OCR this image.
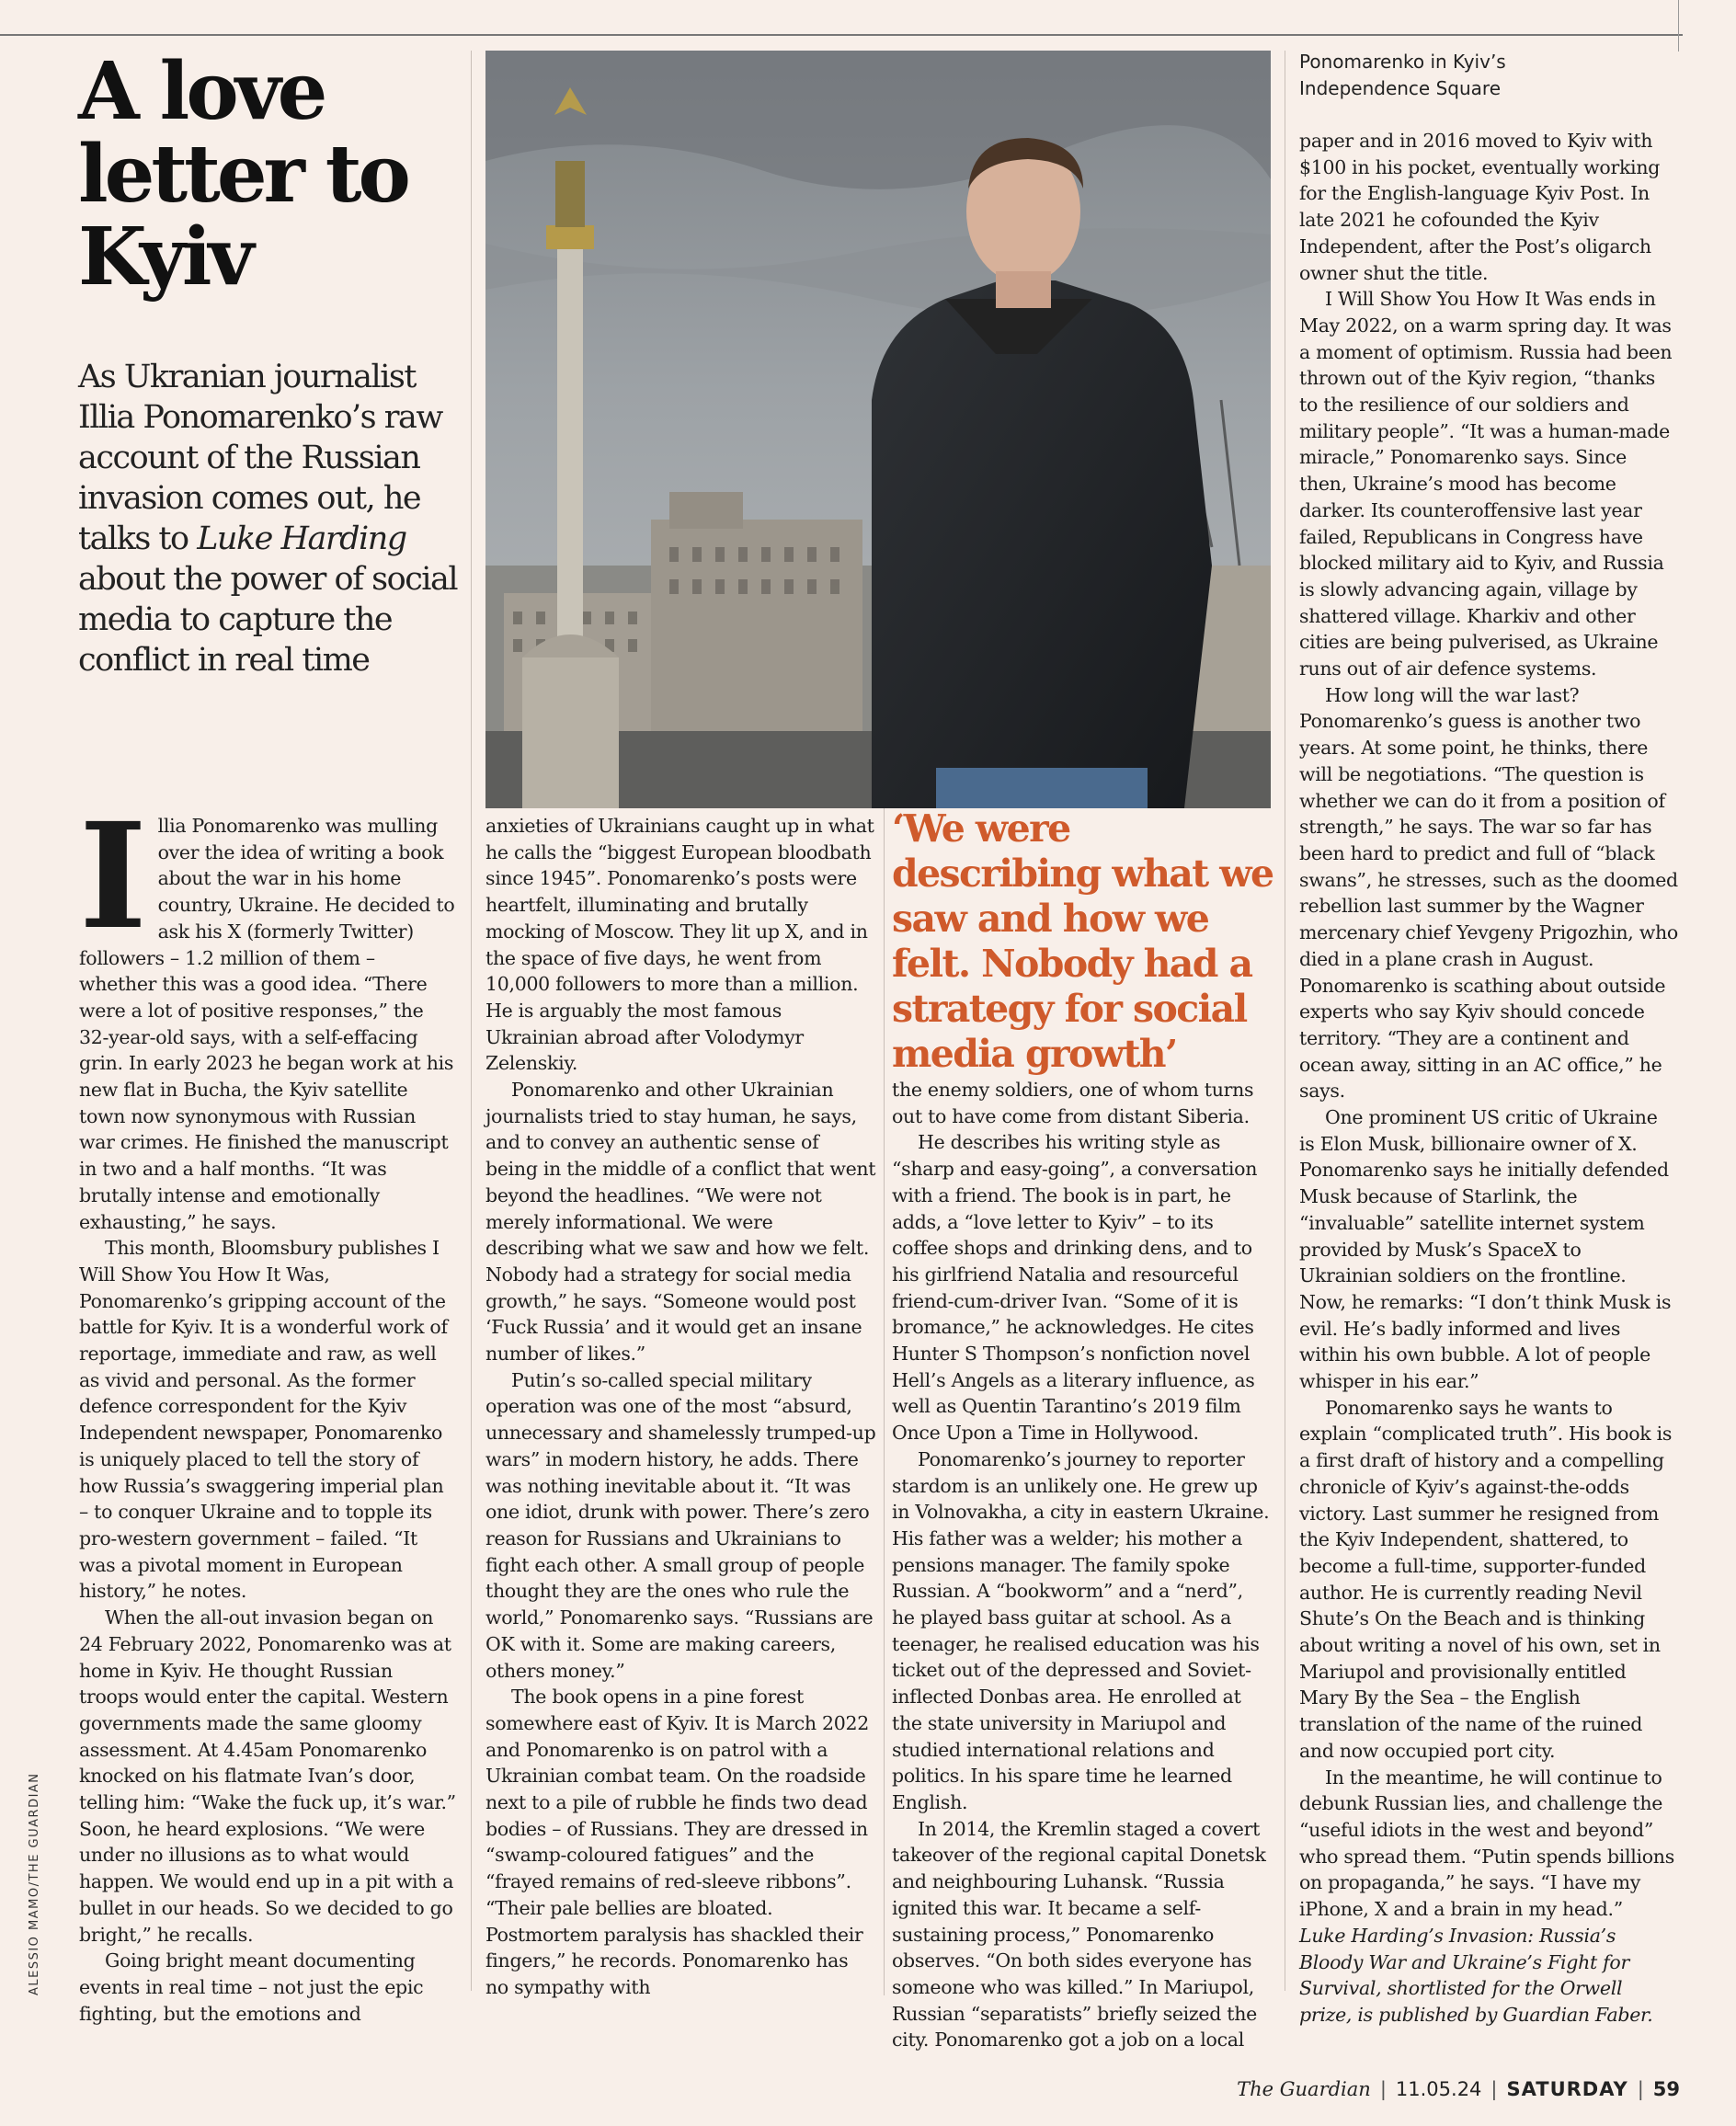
A love letter to Kyiv
As Ukranian journalist Illia Ponomarenko’s raw account of the Russian invasion comes out, he talks to Luke Harding about the power of social media to capture the conflict in real time
Ponomarenko in Kyiv’s Independence Square
ALESSIO MAMO/THE GUARDIAN

Illia Ponomarenko was mulling over the idea of writing a book about the war in his home country, Ukraine. He decided to ask his X (formerly Twitter) followers – 1.2 million of them – whether this was a good idea. “There were a lot of positive responses,” the 32-year-old says, with a self-effacing grin. In early 2023 he began work at his new flat in Bucha, the Kyiv satellite town now synonymous with Russian war crimes. He finished the manuscript in two and a half months. “It was brutally intense and emotionally exhausting,” he says.

This month, Bloomsbury publishes I Will Show You How It Was, Ponomarenko’s gripping account of the battle for Kyiv. It is a wonderful work of reportage, immediate and raw, as well as vivid and personal. As the former defence correspondent for the Kyiv Independent newspaper, Ponomarenko is uniquely placed to tell the story of how Russia’s swaggering imperial plan – to conquer Ukraine and to topple its pro-western government – failed. “It was a pivotal moment in European history,” he notes.

When the all-out invasion began on 24 February 2022, Ponomarenko was at home in Kyiv. He thought Russian troops would enter the capital. Western governments made the same gloomy assessment. At 4.45am Ponomarenko knocked on his flatmate Ivan’s door, telling him: “Wake the fuck up, it’s war.” Soon, he heard explosions. “We were under no illusions as to what would happen. We would end up in a pit with a bullet in our heads. So we decided to go bright,” he recalls.

Going bright meant documenting events in real time – not just the epic fighting, but the emotions and

anxieties of Ukrainians caught up in what he calls the “biggest European bloodbath since 1945”. Ponomarenko’s posts were heartfelt, illuminating and brutally mocking of Moscow. They lit up X, and in the space of five days, he went from 10,000 followers to more than a million. He is arguably the most famous Ukrainian abroad after Volodymyr Zelenskiy.

Ponomarenko and other Ukrainian journalists tried to stay human, he says, and to convey an authentic sense of being in the middle of a conflict that went beyond the headlines. “We were not merely informational. We were describing what we saw and how we felt. Nobody had a strategy for social media growth,” he says. “Someone would post ‘Fuck Russia’ and it would get an insane number of likes.”

Putin’s so-called special military operation was one of the most “absurd, unnecessary and shamelessly trumped-up wars” in modern history, he adds. There was nothing inevitable about it. “It was one idiot, drunk with power. There’s zero reason for Russians and Ukrainians to fight each other. A small group of people thought they are the ones who rule the world,” Ponomarenko says. “Russians are OK with it. Some are making careers, others money.”

The book opens in a pine forest somewhere east of Kyiv. It is March 2022 and Ponomarenko is on patrol with a Ukrainian combat team. On the roadside next to a pile of rubble he finds two dead bodies – of Russians. They are dressed in “swamp-coloured fatigues” and the “frayed remains of red-sleeve ribbons”. “Their pale bellies are bloated. Postmortem paralysis has shackled their fingers,” he records. Ponomarenko has no sympathy with

‘We were describing what we saw and how we felt. Nobody had a strategy for social media growth’

the enemy soldiers, one of whom turns out to have come from distant Siberia.

He describes his writing style as “sharp and easy-going”, a conversation with a friend. The book is in part, he adds, a “love letter to Kyiv” – to its coffee shops and drinking dens, and to his girlfriend Natalia and resourceful friend-cum-driver Ivan. “Some of it is bromance,” he acknowledges. He cites Hunter S Thompson’s nonfiction novel Hell’s Angels as a literary influence, as well as Quentin Tarantino’s 2019 film Once Upon a Time in Hollywood.

Ponomarenko’s journey to reporter stardom is an unlikely one. He grew up in Volnovakha, a city in eastern Ukraine. His father was a welder; his mother a pensions manager. The family spoke Russian. A “bookworm” and a “nerd”, he played bass guitar at school. As a teenager, he realised education was his ticket out of the depressed and Soviet-inflected Donbas area. He enrolled at the state university in Mariupol and studied international relations and politics. In his spare time he learned English.

In 2014, the Kremlin staged a covert takeover of the regional capital Donetsk and neighbouring Luhansk. “Russia ignited this war. It became a self-sustaining process,” Ponomarenko observes. “On both sides everyone has someone who was killed.” In Mariupol, Russian “separatists” briefly seized the city. Ponomarenko got a job on a local

paper and in 2016 moved to Kyiv with $100 in his pocket, eventually working for the English-language Kyiv Post. In late 2021 he cofounded the Kyiv Independent, after the Post’s oligarch owner shut the title.

I Will Show You How It Was ends in May 2022, on a warm spring day. It was a moment of optimism. Russia had been thrown out of the Kyiv region, “thanks to the resilience of our soldiers and military people”. “It was a human-made miracle,” Ponomarenko says. Since then, Ukraine’s mood has become darker. Its counteroffensive last year failed, Republicans in Congress have blocked military aid to Kyiv, and Russia is slowly advancing again, village by shattered village. Kharkiv and other cities are being pulverised, as Ukraine runs out of air defence systems.

How long will the war last? Ponomarenko’s guess is another two years. At some point, he thinks, there will be negotiations. “The question is whether we can do it from a position of strength,” he says. The war so far has been hard to predict and full of “black swans”, he stresses, such as the doomed rebellion last summer by the Wagner mercenary chief Yevgeny Prigozhin, who died in a plane crash in August. Ponomarenko is scathing about outside experts who say Kyiv should concede territory. “They are a continent and ocean away, sitting in an AC office,” he says.

One prominent US critic of Ukraine is Elon Musk, billionaire owner of X. Ponomarenko says he initially defended Musk because of Starlink, the “invaluable” satellite internet system provided by Musk’s SpaceX to Ukrainian soldiers on the frontline. Now, he remarks: “I don’t think Musk is evil. He’s badly informed and lives within his own bubble. A lot of people whisper in his ear.”

Ponomarenko says he wants to explain “complicated truth”. His book is a first draft of history and a compelling chronicle of Kyiv’s against-the-odds victory. Last summer he resigned from the Kyiv Independent, shattered, to become a full-time, supporter-funded author. He is currently reading Nevil Shute’s On the Beach and is thinking about writing a novel of his own, set in Mariupol and provisionally entitled Mary By the Sea – the English translation of the name of the ruined and now occupied port city.

In the meantime, he will continue to debunk Russian lies, and challenge the “useful idiots in the west and beyond” who spread them. “Putin spends billions on propaganda,” he says. “I have my iPhone, X and a brain in my head.”

Luke Harding’s Invasion: Russia’s Bloody War and Ukraine’s Fight for Survival, shortlisted for the Orwell prize, is published by Guardian Faber.

The Guardian | 11.05.24 | SATURDAY | 59
